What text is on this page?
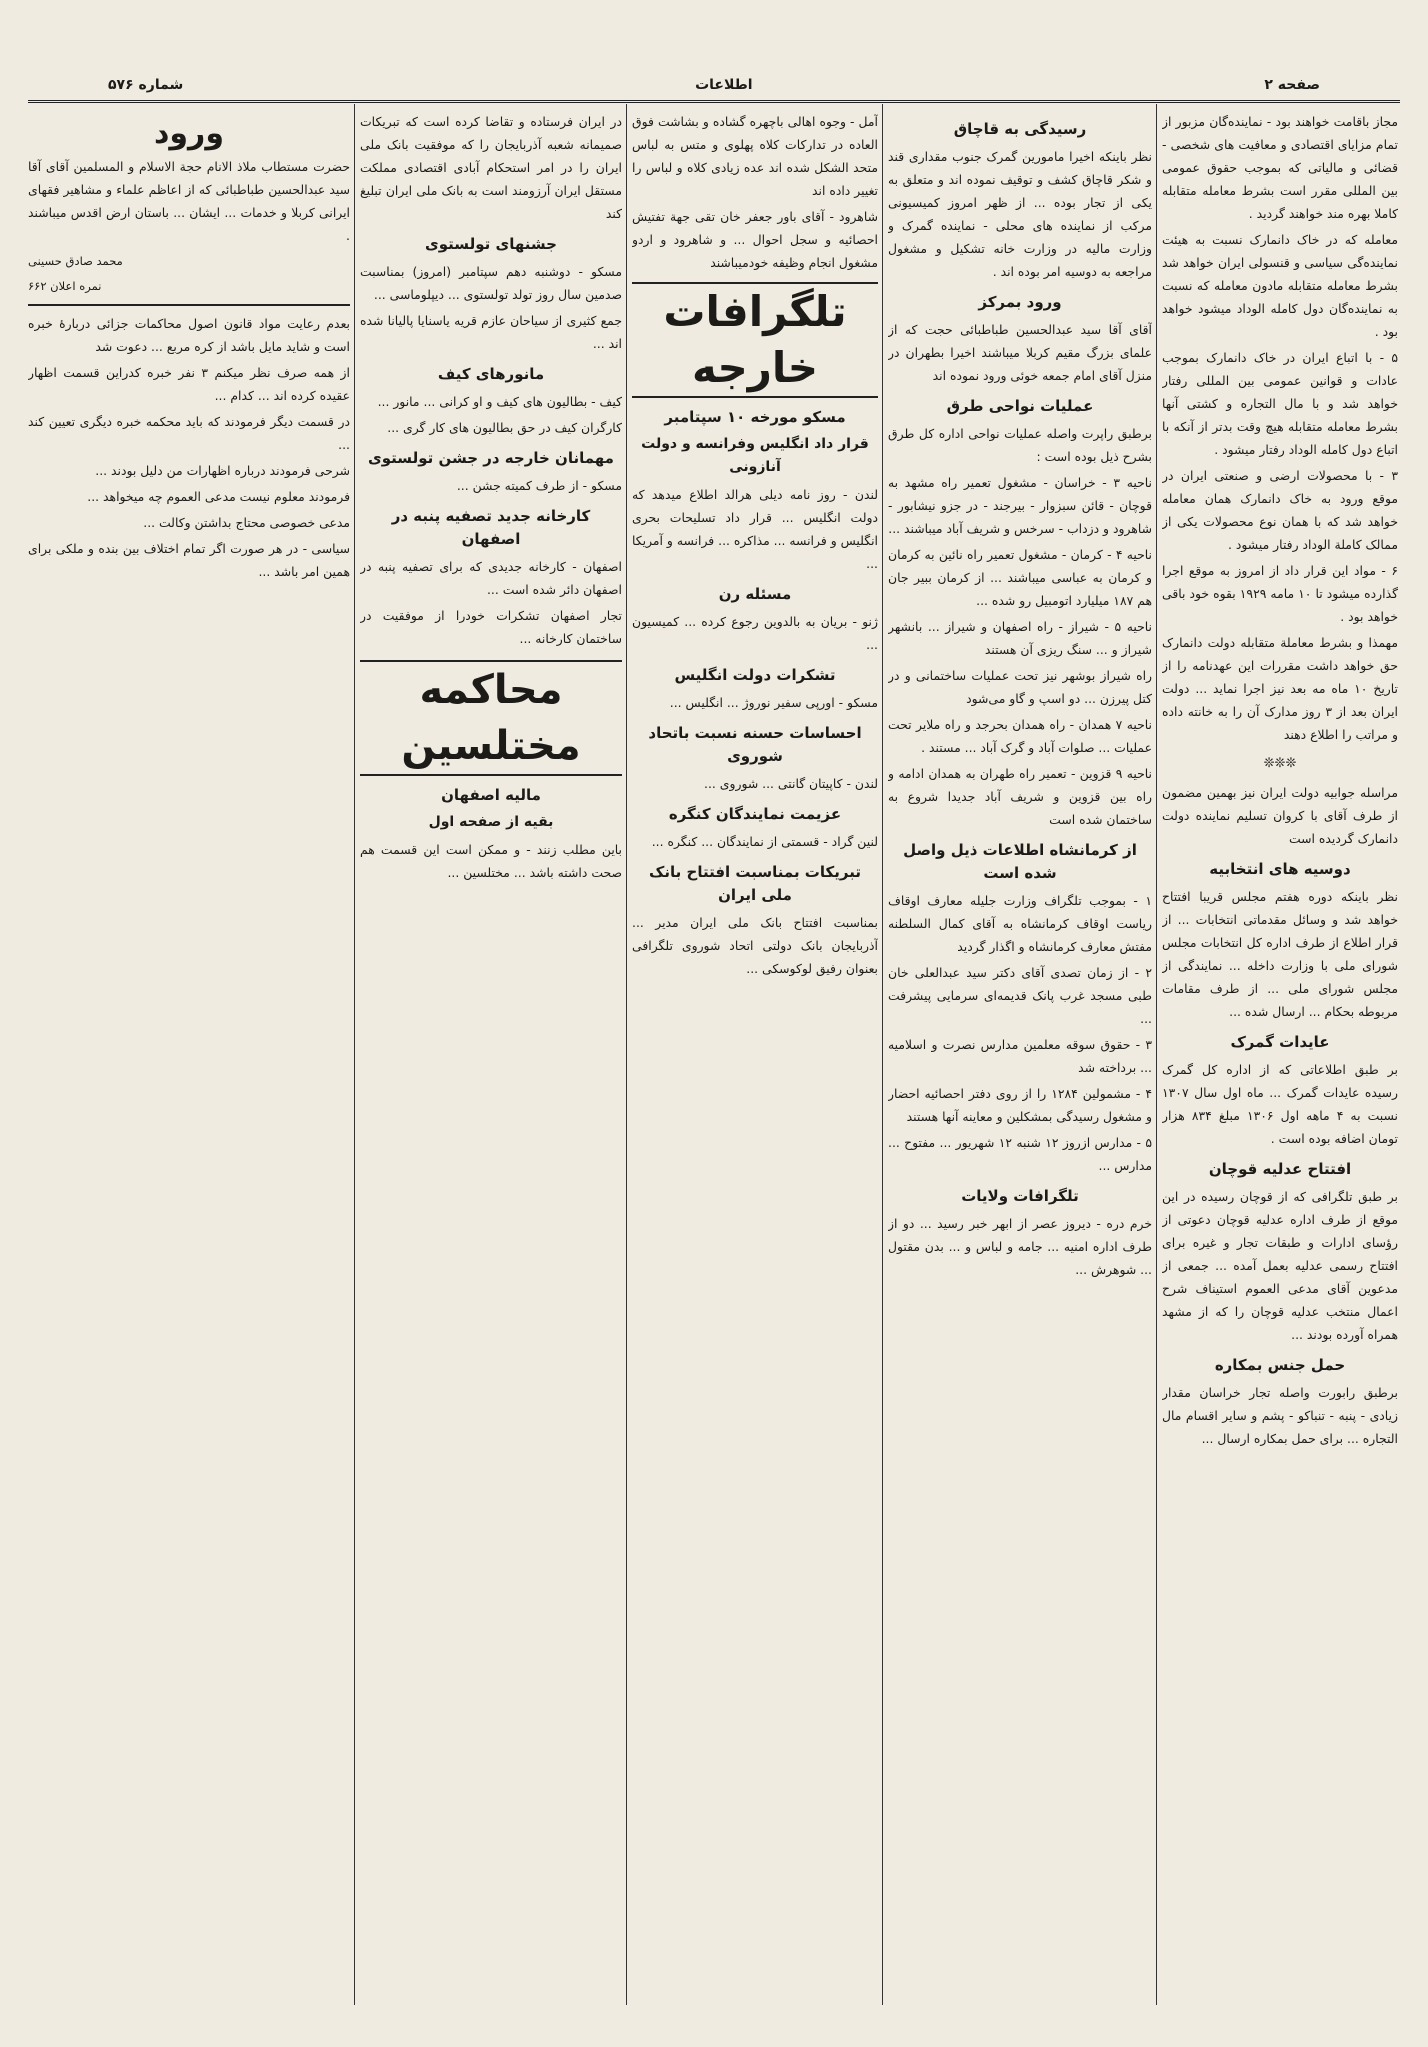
صفحه ۲
اطلاعات
شماره ۵۷۶

مجاز باقامت خواهند بود - نماینده‌گان مزبور از تمام مزایای اقتصادی و معافیت های شخصی - قضائی و مالیاتی که بموجب حقوق عمومی بین المللی مقرر است بشرط معامله متقابله کاملا بهره مند خواهند گردید .

معامله که در خاک دانمارک نسبت به هیئت نماینده‌گی سیاسی و قنسولی ایران خواهد شد بشرط معامله متقابله مادون معامله که نسبت به نماینده‌گان دول کامله الوداد میشود خواهد بود .

۵ - با اتباع ایران در خاک دانمارک بموجب عادات و قوانین عمومی بین المللی رفتار خواهد شد و با مال التجاره و کشتی آنها بشرط معامله متقابله هیچ وقت بدتر از آنکه با اتباع دول کامله الوداد رفتار میشود .

۳ - با محصولات ارضی و صنعتی ایران در موقع ورود به خاک دانمارک همان معامله خواهد شد که با همان نوع محصولات یکی از ممالک کاملة الوداد رفتار میشود .

۶ - مواد این قرار داد از امروز به موقع اجرا گذارده میشود تا ۱۰ مامه ۱۹۲۹ بقوه خود باقی خواهد بود .

مهمذا و بشرط معاملة متقابله دولت دانمارک حق خواهد داشت مقررات این عهدنامه را از تاریخ ۱۰ ماه مه بعد نیز اجرا نماید ... دولت ایران بعد از ۳ روز مدارک آن را به خانته داده و مراتب را اطلاع دهند

❊❊❊

مراسله جوابیه دولت ایران نیز بهمین مضمون از طرف آقای با کروان تسلیم نماینده دولت دانمارک گردیده است

دوسیه های انتخابیه

نظر باینکه دوره هفتم مجلس قریبا افتتاح خواهد شد و وسائل مقدماتی انتخابات ... از قرار اطلاع از طرف اداره کل انتخابات مجلس شورای ملی با وزارت داخله ... نمایندگی از مجلس شورای ملی ... از طرف مقامات مربوطه بحکام ... ارسال شده ...

عایدات گمرک

بر طبق اطلاعاتی که از اداره کل گمرک رسیده عایدات گمرک ... ماه اول سال ۱۳۰۷ نسبت به ۴ ماهه اول ۱۳۰۶ مبلغ ۸۳۴ هزار تومان اضافه بوده است .

افتتاح عدلیه قوچان

بر طبق تلگرافی که از قوچان رسیده در این موقع از طرف اداره عدلیه قوچان دعوتی از رؤسای ادارات و طبقات تجار و غیره برای افتتاح رسمی عدلیه بعمل آمده ... جمعی از مدعوین آقای مدعی العموم استیناف شرح اعمال منتخب عدلیه قوچان را که از مشهد همراه آورده بودند ...

حمل جنس بمکاره

برطبق رابورت واصله تجار خراسان مقدار زیادی - پنبه - تنباکو - پشم و سایر اقسام مال التجاره ... برای حمل بمکاره ارسال ...

رسیدگی به قاچاق

نظر باینکه اخیرا مامورین گمرک جنوب مقداری قند و شکر قاچاق کشف و توقیف نموده اند و متعلق به یکی از تجار بوده ... از ظهر امروز کمیسیونی مرکب از نماینده های محلی - نماینده گمرک و وزارت مالیه در وزارت خانه تشکیل و مشغول مراجعه به دوسیه امر بوده اند .

ورود بمرکز

آقای آقا سید عبدالحسین طباطبائی حجت که از علمای بزرگ مقیم کربلا میباشند اخیرا بطهران در منزل آقای امام جمعه خوئی ورود نموده اند

عملیات نواحی طرق

برطبق راپرت واصله عملیات نواحی اداره کل طرق بشرح ذیل بوده است :

ناحیه ۳ - خراسان - مشغول تعمیر راه مشهد به قوچان - قائن سبزوار - بیرجند - در جزو نیشابور - شاهرود و دزداب - سرخس و شریف آباد میباشند ...

ناحیه ۴ - کرمان - مشغول تعمیر راه نائین به کرمان و کرمان به عباسی میباشند ... از کرمان ببیر جان هم ۱۸۷ میلیارد اتومبیل رو شده ...

ناحیه ۵ - شیراز - راه اصفهان و شیراز ... بانشهر شیراز و ... سنگ ریزی آن هستند

راه شیراز بوشهر نیز تحت عملیات ساختمانی و در کتل پیرزن ... دو اسپ و گاو می‌شود

ناحیه ۷ همدان - راه همدان بحرجد و راه ملایر تحت عملیات ... صلوات آباد و گرک آباد ... مستند .

ناحیه ۹ قزوین - تعمیر راه طهران به همدان ادامه و راه بین قزوین و شریف آباد جدیدا شروع به ساختمان شده است

از کرمانشاه اطلاعات ذیل واصل شده است

۱ - بموجب تلگراف وزارت جلیله معارف اوقاف ریاست اوقاف کرمانشاه به آقای کمال السلطنه مفتش معارف کرمانشاه و اگذار گردید

۲ - از زمان تصدی آقای دکتر سید عبدالعلی خان طبی مسجد غرب پانک قدیمه‌ای سرمایی پیشرفت ...

۳ - حقوق سوقه معلمین مدارس نصرت و اسلامیه ... برداخته شد

۴ - مشمولین ۱۲۸۴ را از روی دفتر احصائیه احضار و مشغول رسیدگی بمشکلین و معاینه آنها هستند

۵ - مدارس ازروز ۱۲ شنبه ۱۲ شهریور ... مفتوح ... مدارس ...

تلگرافات ولایات

خرم دره - دیروز عصر از ابهر خبر رسید ... دو از طرف اداره امنیه ... جامه و لباس و ... بدن مقتول ... شوهرش ...

آمل - وجوه اهالی باچهره گشاده و بشاشت فوق العاده در تدارکات کلاه پهلوی و متس به لباس متحد الشکل شده اند عده زیادی کلاه و لباس را تغییر داده اند

شاهرود - آقای باور جعفر خان تقی جهة تفتیش احصائیه و سجل احوال ... و شاهرود و اردو مشغول انجام وظیفه خودمیباشند

تلگرافات خارجه
مسکو مورخه ۱۰ سپتامبر
قرار داد انگلیس وفرانسه و دولت آنازونی

لندن - روز نامه دیلی هرالد اطلاع میدهد که دولت انگلیس ... قرار داد تسلیحات بحری انگلیس و فرانسه ... مذاکره ... فرانسه و آمریکا ...

مسئله رن

ژنو - بریان به بالدوین رجوع کرده ... کمیسیون ...

تشکرات دولت انگلیس

مسکو - اورپی سفیر نوروژ ... انگلیس ...

احساسات حسنه نسبت باتحاد شوروی

لندن - کاپیتان گانتی ... شوروی ...

عزیمت نمایندگان کنگره

لنین گراد - قسمتی از نمایندگان ... کنگره ...

تبریکات بمناسبت افتتاح بانک ملی ایران

بمناسبت افتتاح بانک ملی ایران مدیر ... آذربایجان بانک دولتی اتحاد شوروی تلگرافی بعنوان رفیق لوکوسکی ...

در ایران فرستاده و تقاضا کرده است که تبریکات صمیمانه شعبه آذربایجان را که موفقیت بانک ملی ایران را در امر استحکام آبادی اقتصادی مملکت مستقل ایران آرزومند است به بانک ملی ایران تبلیغ کند

جشنهای تولستوی

مسکو - دوشنبه دهم سپتامبر (امروز) بمناسبت صدمین سال روز تولد تولستوی ... دیپلوماسی ...

جمع کثیری از سیاحان عازم قریه یاسنایا پالیانا شده اند ...

مانورهای کیف

کیف - بطالیون های کیف و او کرانی ... مانور ...

کارگران کیف در حق بطالیون های کار گری ...

مهمانان خارجه در جشن تولستوی

مسکو - از طرف کمیته جشن ...

کارخانه جدید تصفیه پنبه در اصفهان

اصفهان - کارخانه جدیدی که برای تصفیه پنبه در اصفهان دائر شده است ...

تجار اصفهان تشکرات خودرا از موفقیت در ساختمان کارخانه ...

محاکمه مختلسین
مالیه اصفهان
بقیه از صفحه اول

باین مطلب زنند - و ممکن است این قسمت هم صحت داشته باشد ... مختلسین ...

ورود

حضرت مستطاب ملاذ الانام حجة الاسلام و المسلمین آقای آقا سید عبدالحسین طباطبائی که از اعاظم علماء و مشاهیر فقهای ایرانی کربلا و خدمات ... ایشان ... باستان ارض اقدس میباشند .

محمد صادق حسینی
نمره اعلان ۶۶۲

بعدم رعایت مواد قانون اصول محاکمات جزائی دربارۀ خبره است و شاید مایل باشد از کره مربع ... دعوت شد

از همه صرف نظر میکنم ۳ نفر خبره کدراین قسمت اظهار عقیده کرده اند ... کدام ...

در قسمت دیگر فرمودند که باید محکمه خبره دیگری تعیین کند ...

شرحی فرمودند درباره اظهارات من دلیل بودند ...

فرمودند معلوم نیست مدعی العموم چه میخواهد ...

مدعی خصوصی محتاج بداشتن وکالت ...

سیاسی - در هر صورت اگر تمام اختلاف بین بنده و ملکی برای همین امر باشد ...
